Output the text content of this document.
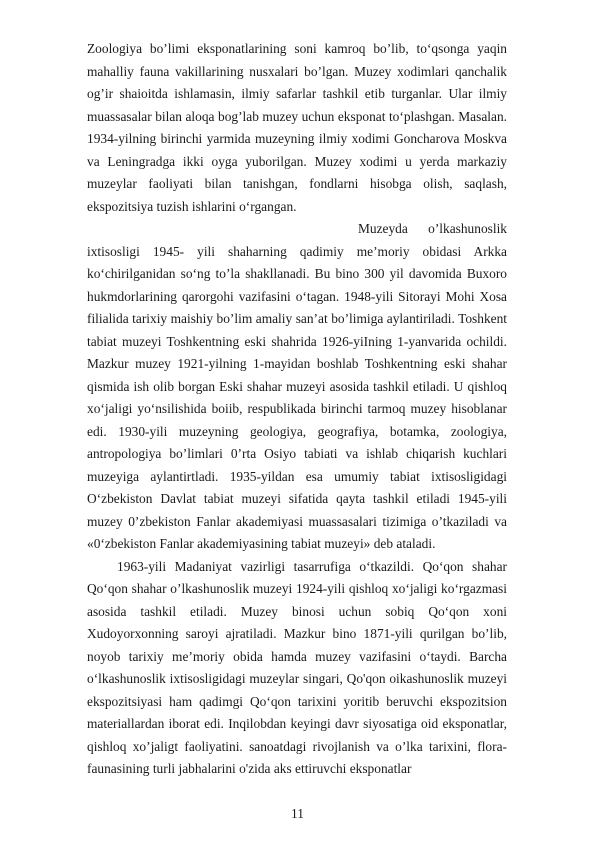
Zoologiya bo’limi eksponatlarining soni kamroq bo’lib, to‘qsonga yaqin mahalliy fauna vakillarining nusxalari bo’lgan. Muzey xodimlari qanchalik og’ir shaioitda ishlamasin, ilmiy safarlar tashkil etib turganlar. Ular ilmiy muassasalar bilan aloqa bog’lab muzey uchun eksponat to‘plashgan. Masalan. 1934-yilning birinchi yarmida muzeyning ilmiy xodimi Goncharova Moskva va Leningradga ikki oyga yuborilgan. Muzey xodimi u yerda markaziy muzeylar faoliyati bilan tanishgan, fondlarni hisobga olish, saqlash, ekspozitsiya tuzish ishlarini o‘rgangan.

Muzeyda o’lkashunoslik ixtisosligi 1945- yili shaharning qadimiy me’moriy obidasi Arkka ko‘chirilganidan so‘ng to’la shakllanadi. Bu bino 300 yil davomida Buxoro hukmdorlarining qarorgohi vazifasini o‘tagan. 1948-yili Sitorayi Mohi Xosa filialida tarixiy maishiy bo’lim amaliy san’at bo’limiga aylantiriladi. Toshkent tabiat muzeyi Toshkentning eski shahrida 1926-yiIning 1-yanvarida ochildi. Mazkur muzey 1921-yilning 1-mayidan boshlab Toshkentning eski shahar qismida ish olib borgan Eski shahar muzeyi asosida tashkil etiladi. U qishloq xo‘jaligi yo‘nsilishida boiib, respublikada birinchi tarmoq muzey hisoblanar edi. 1930-yili muzeyning geologiya, geografiya, botamka, zoologiya, antropologiya bo’limlari 0’rta Osiyo tabiati va ishlab chiqarish kuchlari muzeyiga aylantirtladi. 1935-yildan esa umumiy tabiat ixtisosligidagi O‘zbekiston Davlat tabiat muzeyi sifatida qayta tashkil etiladi 1945-yili muzey 0’zbekiston Fanlar akademiyasi muassasalari tizimiga o’tkaziladi va «0‘zbekiston Fanlar akademiyasining tabiat muzeyi» deb ataladi.

1963-yili Madaniyat vazirligi tasarrufiga o‘tkazildi. Qo‘qon shahar Qo‘qon shahar o’lkashunoslik muzeyi 1924-yili qishloq xo‘jaligi ko‘rgazmasi asosida tashkil etiladi. Muzey binosi uchun sobiq Qo‘qon xoni Xudoyorxonning saroyi ajratiladi. Mazkur bino 1871-yili qurilgan bo’lib, noyob tarixiy me’moriy obida hamda muzey vazifasini o‘taydi. Barcha o‘lkashunoslik ixtisosligidagi muzeylar singari, Qo'qon oikashunoslik muzeyi ekspozitsiyasi ham qadimgi Qo‘qon tarixini yoritib beruvchi ekspozitsion materiallardan iborat edi. Inqilobdan keyingi davr siyosatiga oid eksponatlar, qishloq xo’jaligt faoliyatini. sanoatdagi rivojlanish va o’lka tarixini, flora-faunasining turli jabhalarini o'zida aks ettiruvchi eksponatlar

11
